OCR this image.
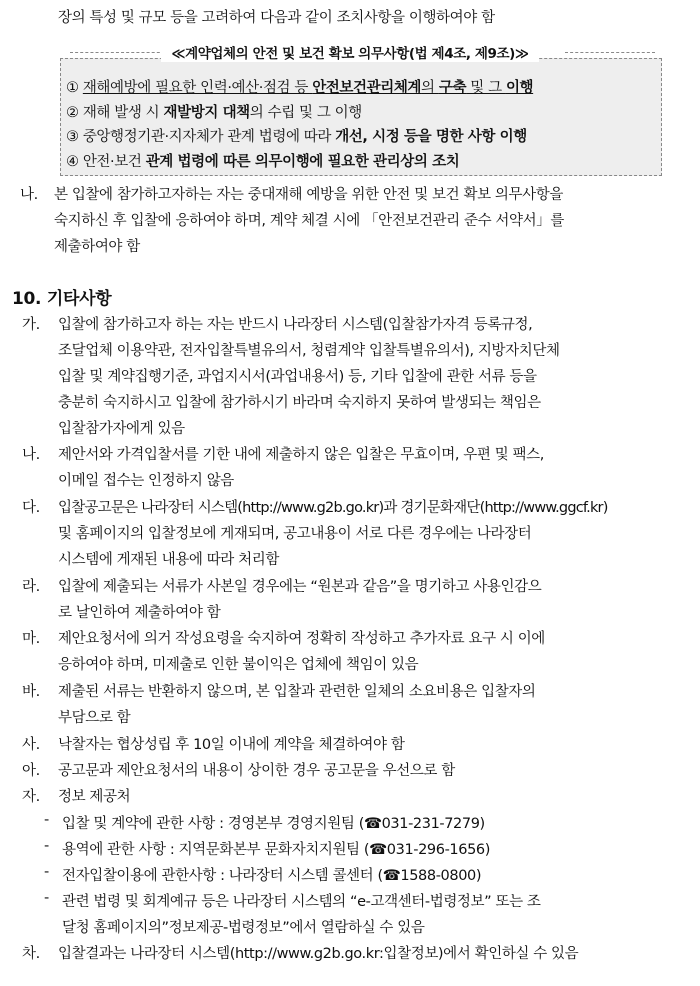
장의 특성 및 규모 등을 고려하여 다음과 같이 조치사항을 이행하여야 함
≪계약업체의 안전 및 보건 확보 의무사항(법 제4조, 제9조)≫
① 재해예방에 필요한 인력·예산·점검 등 안전보건관리체계의 구축 및 그 이행
② 재해 발생 시 재발방지 대책의 수립 및 그 이행
③ 중앙행정기관·지자체가 관계 법령에 따라 개선, 시정 등을 명한 사항 이행
④ 안전·보건 관계 법령에 따른 의무이행에 필요한 관리상의 조치
나. 본 입찰에 참가하고자하는 자는 중대재해 예방을 위한 안전 및 보건 확보 의무사항을
숙지하신 후 입찰에 응하여야 하며, 계약 체결 시에 「안전보건관리 준수 서약서」를
제출하여야 함
10. 기타사항
가. 입찰에 참가하고자 하는 자는 반드시 나라장터 시스템(입찰참가자격 등록규정,
조달업체 이용약관, 전자입찰특별유의서, 청렴계약 입찰특별유의서), 지방자치단체
입찰 및 계약집행기준, 과업지시서(과업내용서) 등, 기타 입찰에 관한 서류 등을
충분히 숙지하시고 입찰에 참가하시기 바라며 숙지하지 못하여 발생되는 책임은
입찰참가자에게 있음
나. 제안서와 가격입찰서를 기한 내에 제출하지 않은 입찰은 무효이며, 우편 및 팩스,
이메일 접수는 인정하지 않음
다. 입찰공고문은 나라장터 시스템(http://www.g2b.go.kr)과 경기문화재단(http://www.ggcf.kr)
및 홈페이지의 입찰정보에 게재되며, 공고내용이 서로 다른 경우에는 나라장터
시스템에 게재된 내용에 따라 처리함
라. 입찰에 제출되는 서류가 사본일 경우에는 “원본과 같음”을 명기하고 사용인감으
로 날인하여 제출하여야 함
마. 제안요청서에 의거 작성요령을 숙지하여 정확히 작성하고 추가자료 요구 시 이에
응하여야 하며, 미제출로 인한 불이익은 업체에 책임이 있음
바. 제출된 서류는 반환하지 않으며, 본 입찰과 관련한 일체의 소요비용은 입찰자의
부담으로 함
사. 낙찰자는 협상성립 후 10일 이내에 계약을 체결하여야 함
아. 공고문과 제안요청서의 내용이 상이한 경우 공고문을 우선으로 함
자. 정보 제공처
- 입찰 및 계약에 관한 사항 : 경영본부 경영지원팀 (☎031-231-7279)
- 용역에 관한 사항 : 지역문화본부 문화자치지원팀 (☎031-296-1656)
- 전자입찰이용에 관한사항 : 나라장터 시스템 콜센터 (☎1588-0800)
- 관련 법령 및 회계예규 등은 나라장터 시스템의 “e-고객센터-법령정보” 또는 조
달청 홈페이지의”정보제공-법령정보”에서 열람하실 수 있음
차. 입찰결과는 나라장터 시스템(http://www.g2b.go.kr:입찰정보)에서 확인하실 수 있음
